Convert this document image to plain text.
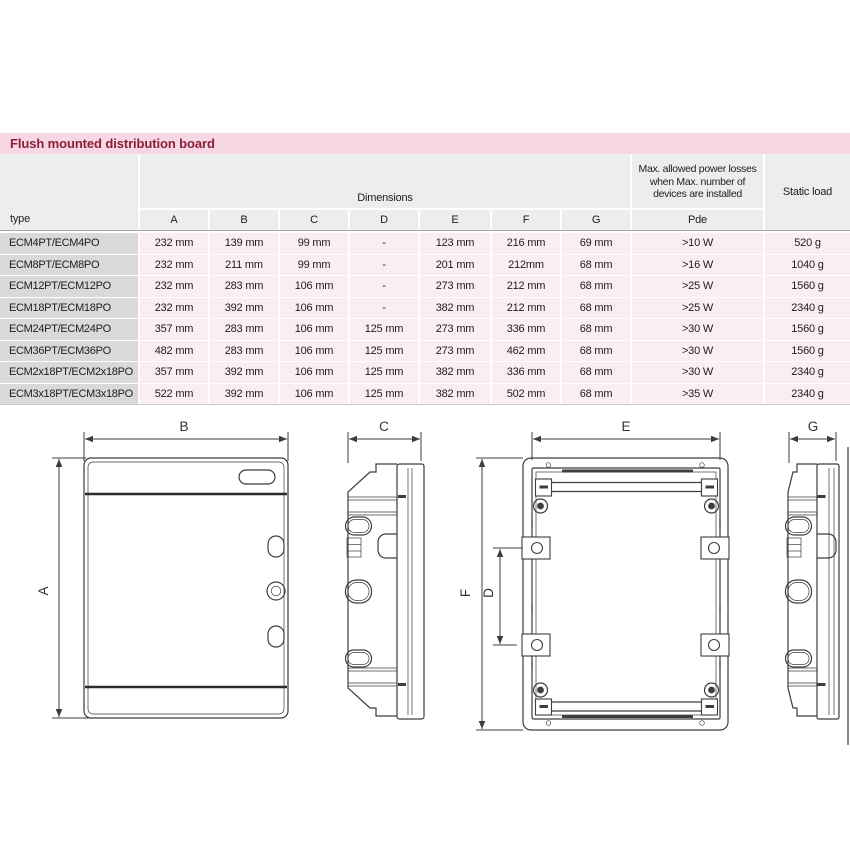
Flush mounted distribution board
type
Dimensions
Max. allowed power losses when Max. number of devices are installed	Static load
A	B	C	D	E	F	G	Pde
ECM4PT/ECM4PO	232 mm	139 mm	99 mm	-	123 mm	216 mm	69 mm	>10 W	520 g
ECM8PT/ECM8PO	232 mm	211 mm	99 mm	-	201 mm	212mm	68 mm	>16 W	1040 g
ECM12PT/ECM12PO	232 mm	283 mm	106 mm	-	273 mm	212 mm	68 mm	>25 W	1560 g
ECM18PT/ECM18PO	232 mm	392 mm	106 mm	-	382 mm	212 mm	68 mm	>25 W	2340 g
ECM24PT/ECM24PO	357 mm	283 mm	106 mm	125 mm	273 mm	336 mm	68 mm	>30 W	1560 g
ECM36PT/ECM36PO	482 mm	283 mm	106 mm	125 mm	273 mm	462 mm	68 mm	>30 W	1560 g
ECM2x18PT/ECM2x18PO	357 mm	392 mm	106 mm	125 mm	382 mm	336 mm	68 mm	>30 W	2340 g
ECM3x18PT/ECM3x18PO	522 mm	392 mm	106 mm	125 mm	382 mm	502 mm	68 mm	>35 W	2340 g
B
A
C	E
F D
G
